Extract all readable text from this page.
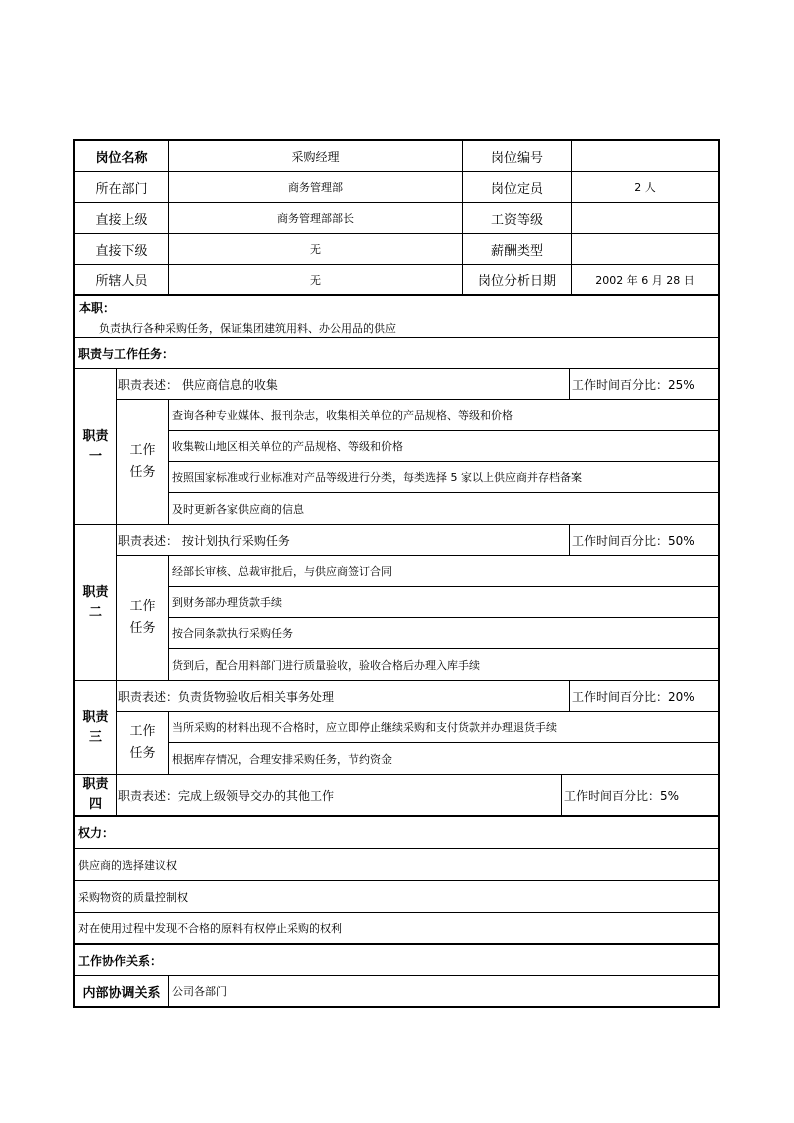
岗位名称	采购经理	岗位编号
所在部门	商务管理部	岗位定员	2 人
直接上级	商务管理部部长	工资等级
直接下级	无	薪酬类型
所辖人员	无	岗位分析日期	2002 年 6 月 28 日
本职：
负责执行各种采购任务，保证集团建筑用料、办公用品的供应
职责与工作任务：
职责一
职责表述： 供应商信息的收集	工作时间百分比：25%
工作任务
查询各种专业媒体、报刊杂志，收集相关单位的产品规格、等级和价格
收集鞍山地区相关单位的产品规格、等级和价格
按照国家标准或行业标准对产品等级进行分类，每类选择 5 家以上供应商并存档备案
及时更新各家供应商的信息
职责二
职责表述： 按计划执行采购任务	工作时间百分比：50%
工作任务
经部长审核、总裁审批后，与供应商签订合同
到财务部办理货款手续
按合同条款执行采购任务
货到后，配合用料部门进行质量验收，验收合格后办理入库手续
职责三
职责表述：负责货物验收后相关事务处理	工作时间百分比：20%
工作任务
当所采购的材料出现不合格时，应立即停止继续采购和支付货款并办理退货手续
根据库存情况，合理安排采购任务，节约资金
职责四
职责表述：完成上级领导交办的其他工作	工作时间百分比：5%
权力：
供应商的选择建议权
采购物资的质量控制权
对在使用过程中发现不合格的原料有权停止采购的权利
工作协作关系：
内部协调关系	公司各部门
